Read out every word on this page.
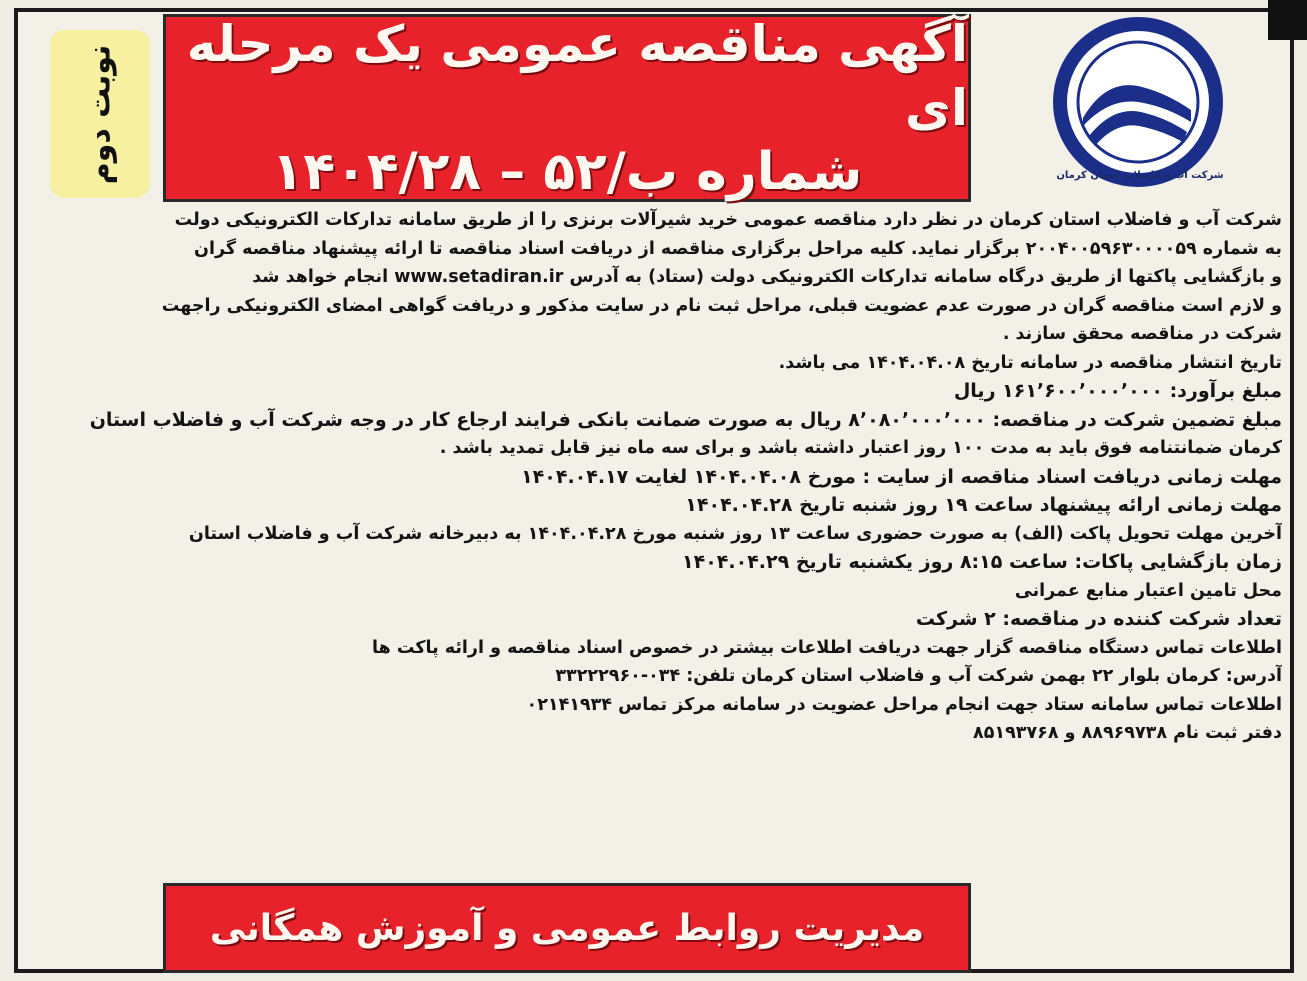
نوبت دوم
آگهی مناقصه عمومی یک مرحله ای
شماره ب/۵۲ – ۱۴۰۴/۲۸	شرکت آب و فاضلاب استان کرمان
شرکت آب و فاضلاب استان کرمان در نظر دارد مناقصه عمومی خرید شیرآلات برنزی را از طریق سامانه تدارکات الکترونیکی دولت
به شماره ۲۰۰۴۰۰۵۹۶۳۰۰۰۰۵۹ برگزار نماید. کلیه مراحل برگزاری مناقصه از دریافت اسناد مناقصه تا ارائه پیشنهاد مناقصه گران
و بازگشایی پاکتها از طریق درگاه سامانه تدارکات الکترونیکی دولت (ستاد) به آدرس www.setadiran.ir انجام خواهد شد
و لازم است مناقصه گران در صورت عدم عضویت قبلی، مراحل ثبت نام در سایت مذکور و دریافت گواهی امضای الکترونیکی راجهت
شرکت در مناقصه محقق سازند .
تاریخ انتشار مناقصه در سامانه تاریخ ۱۴۰۴.۰۴.۰۸ می باشد.
مبلغ برآورد: ۱۶۱٬۶۰۰٬۰۰۰٬۰۰۰ ریال
مبلغ تضمین شرکت در مناقصه: ۸٬۰۸۰٬۰۰۰٬۰۰۰ ریال به صورت ضمانت بانکی فرایند ارجاع کار در وجه شرکت آب و فاضلاب استان
کرمان ضمانتنامه فوق باید به مدت ۱۰۰ روز اعتبار داشته باشد و برای سه ماه نیز قابل تمدید باشد .
مهلت زمانی دریافت اسناد مناقصه از سایت : مورخ ۱۴۰۴.۰۴.۰۸ لغایت ۱۴۰۴.۰۴.۱۷
مهلت زمانی ارائه پیشنهاد ساعت ۱۹ روز شنبه تاریخ ۱۴۰۴.۰۴.۲۸
آخرین مهلت تحویل پاکت (الف) به صورت حضوری ساعت ۱۳ روز شنبه مورخ ۱۴۰۴.۰۴.۲۸ به دبیرخانه شرکت آب و فاضلاب استان
زمان بازگشایی پاکات: ساعت ۸:۱۵ روز یکشنبه تاریخ ۱۴۰۴.۰۴.۲۹
محل تامین اعتبار منابع عمرانی
تعداد شرکت کننده در مناقصه: ۲ شرکت
اطلاعات تماس دستگاه مناقصه گزار جهت دریافت اطلاعات بیشتر در خصوص اسناد مناقصه و ارائه پاکت ها
آدرس: کرمان بلوار ۲۲ بهمن شرکت آب و فاضلاب استان کرمان تلفن: ۰۳۴-۳۳۲۲۲۹۶۰
اطلاعات تماس سامانه ستاد جهت انجام مراحل عضویت در سامانه مرکز تماس ۰۲۱۴۱۹۳۴
دفتر ثبت نام ۸۸۹۶۹۷۳۸ و ۸۵۱۹۳۷۶۸
مدیریت روابط عمومی و آموزش همگانی
